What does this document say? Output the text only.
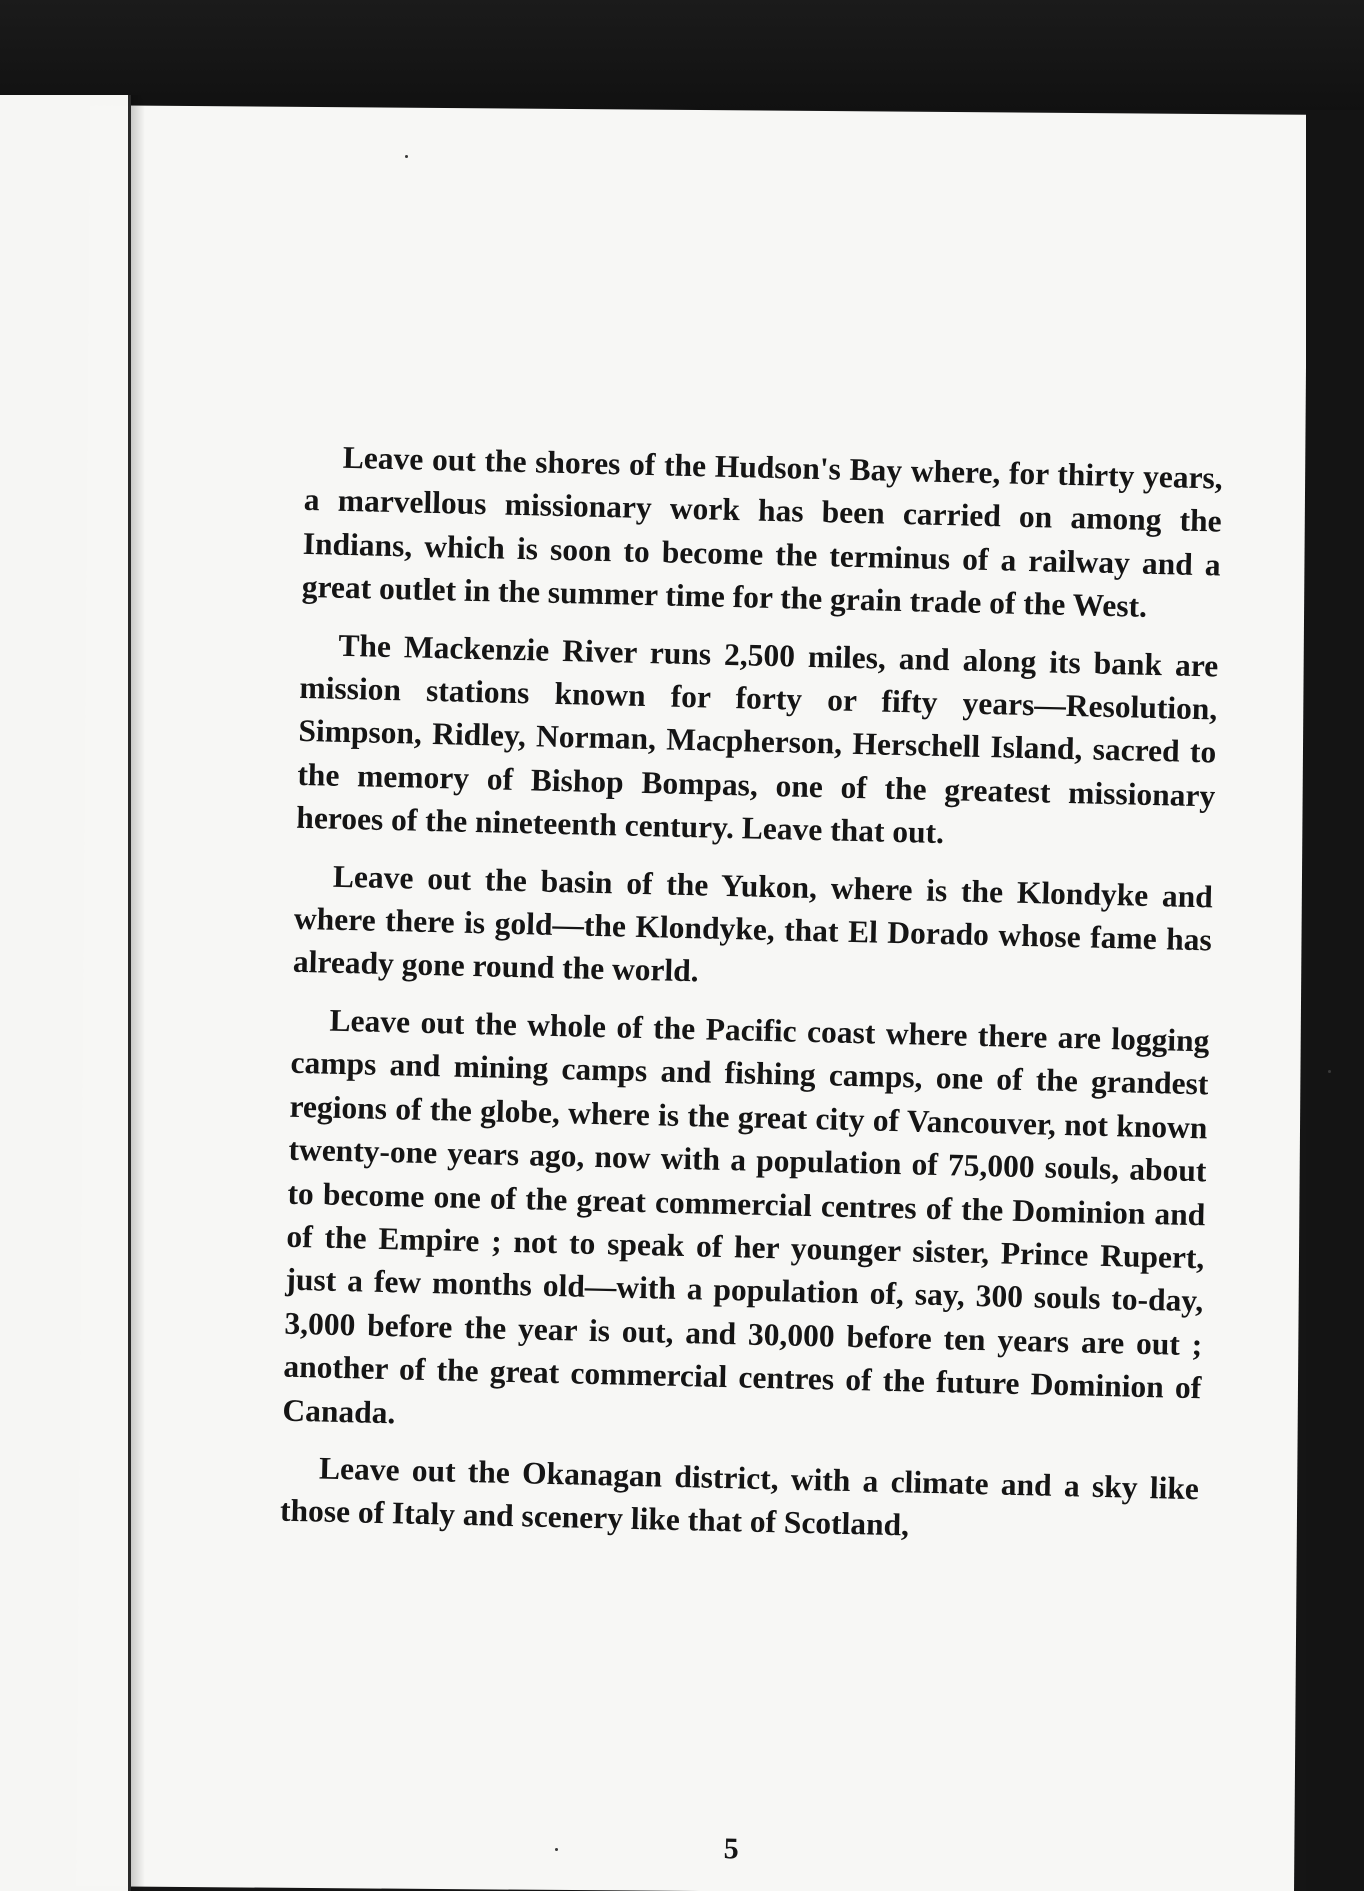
Leave out the shores of the Hudson's Bay where, for thirty years, a marvellous missionary work has been carried on among the Indians, which is soon to become the terminus of a railway and a great outlet in the summer time for the grain trade of the West.

The Mackenzie River runs 2,500 miles, and along its bank are mission stations known for forty or fifty years—Resolution, Simpson, Ridley, Norman, Macpherson, Herschell Island, sacred to the memory of Bishop Bompas, one of the greatest missionary heroes of the nineteenth century. Leave that out.

Leave out the basin of the Yukon, where is the Klondyke and where there is gold—the Klondyke, that El Dorado whose fame has already gone round the world.

Leave out the whole of the Pacific coast where there are logging camps and mining camps and fishing camps, one of the grandest regions of the globe, where is the great city of Vancouver, not known twenty-one years ago, now with a population of 75,000 souls, about to become one of the great commercial centres of the Dominion and of the Empire ; not to speak of her younger sister, Prince Rupert, just a few months old—with a population of, say, 300 souls to-day, 3,000 before the year is out, and 30,000 before ten years are out ; another of the great commercial centres of the future Dominion of Canada.

Leave out the Okanagan district, with a climate and a sky like those of Italy and scenery like that of Scotland,

5
